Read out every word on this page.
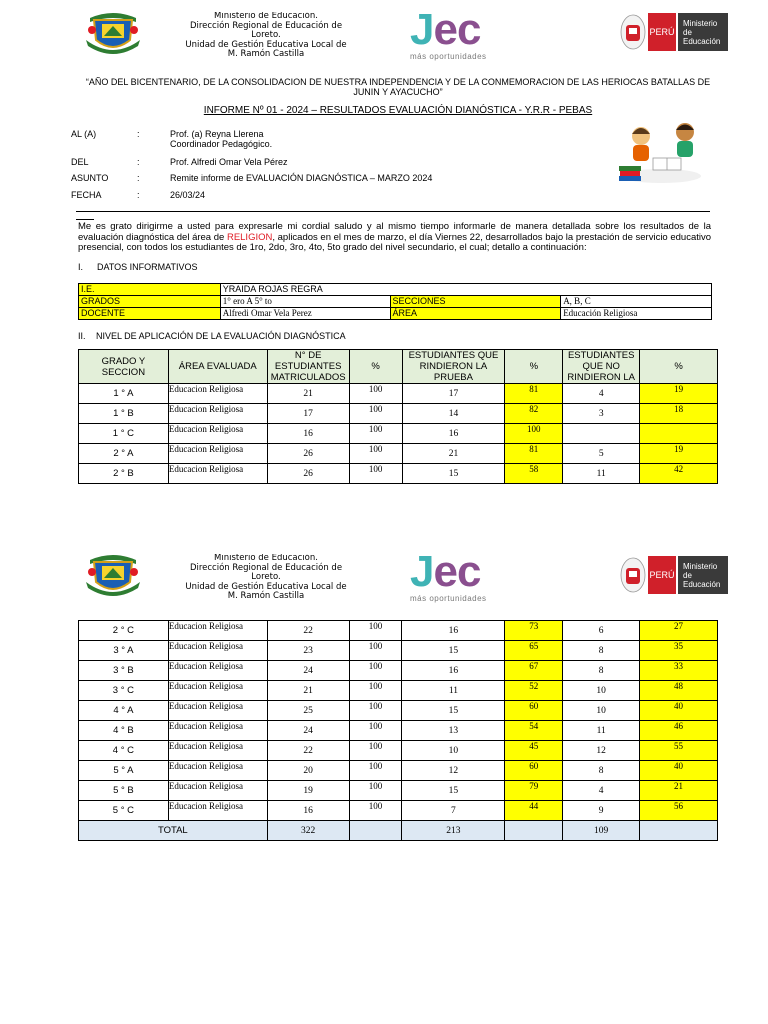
Ministerio de Educación.
Dirección Regional de Educación de
Loreto.
Unidad de Gestión Educativa Local de
M. Ramón Castilla	Jec
más oportunidades
PERÚ
Ministerio
de Educación
“AÑO DEL BICENTENARIO, DE LA CONSOLIDACION DE NUESTRA INDEPENDENCIA Y DE LA CONMEMORACION DE LAS HERIOCAS BATALLAS DE JUNIN Y AYACUCHO”
INFORME Nº 01 - 2024 – RESULTADOS EVALUACIÓN DIANÓSTICA - Y.R.R - PEBAS
AL (A)	:	Prof. (a) Reyna Llerena
Coordinador Pedagógico.
DEL	:	Prof. Alfredi Omar Vela Pérez
ASUNTO	:	Remite informe de EVALUACIÓN DIAGNÓSTICA – MARZO 2024
FECHA	:	26/03/24
Me es grato dirigirme a usted para expresarle mi cordial saludo y al mismo tiempo informarle de manera detallada sobre los resultados de la evaluación diagnóstica del área de RELIGION, aplicados en el mes de marzo, el día Viernes 22, desarrollados bajo la prestación de servicio educativo presencial, con todos los estudiantes de 1ro, 2do, 3ro, 4to, 5to grado del nivel secundario, el cual; detallo a continuación:
I. DATOS INFORMATIVOS
I.E.	YRAIDA ROJAS REGRA		
GRADOS	1° ero A 5° to	SECCIONES	A, B, C
DOCENTE	Alfredi Omar Vela Perez	ÁREA	Educación Religiosa
II. NIVEL DE APLICACIÓN DE LA EVALUACIÓN DIAGNÓSTICA
GRADO Y SECCION	ÁREA EVALUADA	N° DE ESTUDIANTES MATRICULADOS	%	ESTUDIANTES QUE RINDIERON LA PRUEBA	%	ESTUDIANTES QUE NO RINDIERON LA	%
1 ° A	Educacion Religiosa	21	100	17	81	4	19
1 ° B	Educacion Religiosa	17	100	14	82	3	18
1 ° C	Educacion Religiosa	16	100	16	100		
2 ° A	Educacion Religiosa	26	100	21	81	5	19
2 ° B	Educacion Religiosa	26	100	15	58	11	42
Ministerio de Educación.
Dirección Regional de Educación de
Loreto.
Unidad de Gestión Educativa Local de
M. Ramón Castilla	Jec
más oportunidades
PERÚ
Ministerio
de Educación
2 ° C	Educacion Religiosa	22	100	16	73	6	27
3 ° A	Educacion Religiosa	23	100	15	65	8	35
3 ° B	Educacion Religiosa	24	100	16	67	8	33
3 ° C	Educacion Religiosa	21	100	11	52	10	48
4 ° A	Educacion Religiosa	25	100	15	60	10	40
4 ° B	Educacion Religiosa	24	100	13	54	11	46
4 ° C	Educacion Religiosa	22	100	10	45	12	55
5 ° A	Educacion Religiosa	20	100	12	60	8	40
5 ° B	Educacion Religiosa	19	100	15	79	4	21
5 ° C	Educacion Religiosa	16	100	7	44	9	56
TOTAL		322		213		109	
